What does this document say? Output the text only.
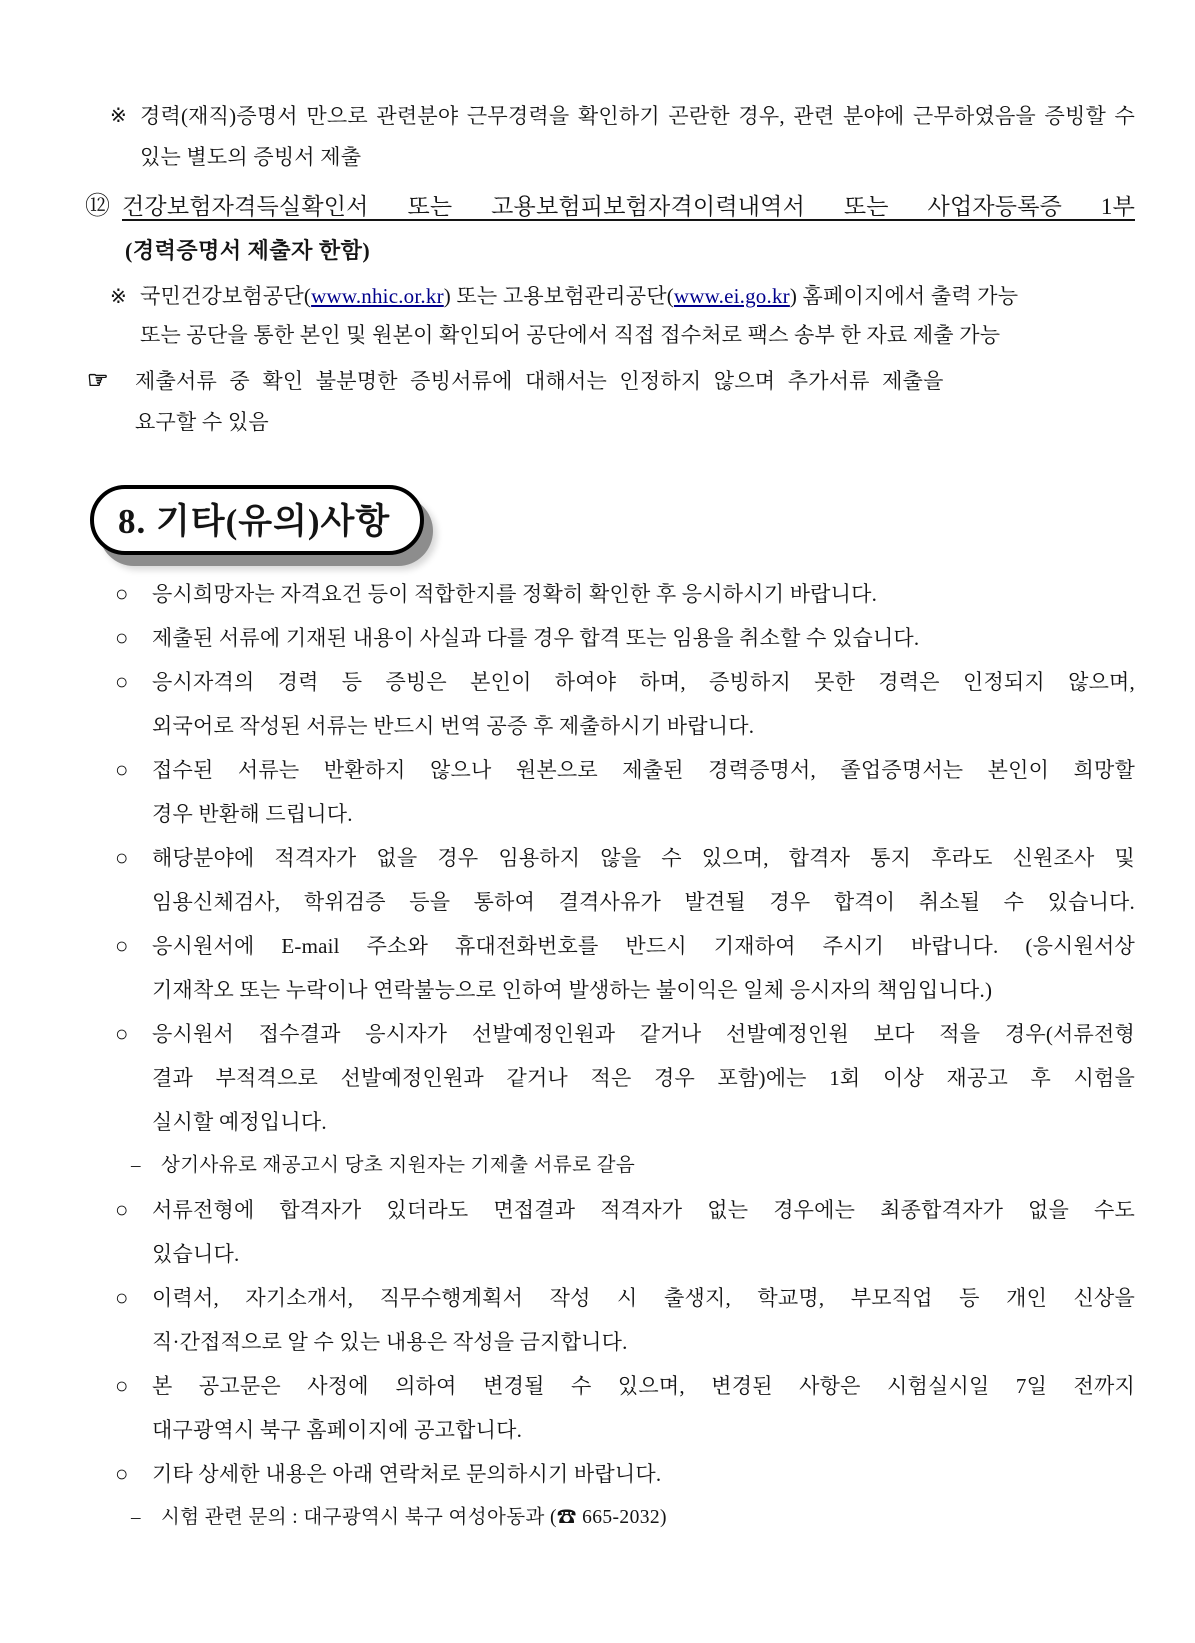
※ 경력(재직)증명서 만으로 관련분야 근무경력을 확인하기 곤란한 경우, 관련 분야에 근무하였음을 증빙할 수
있는 별도의 증빙서 제출
⑫ 건강보험자격득실확인서 또는 고용보험피보험자격이력내역서 또는 사업자등록증 1부
(경력증명서 제출자 한함)
※ 국민건강보험공단(www.nhic.or.kr) 또는 고용보험관리공단(www.ei.go.kr) 홈페이지에서 출력 가능
또는 공단을 통한 본인 및 원본이 확인되어 공단에서 직접 접수처로 팩스 송부 한 자료 제출 가능
☞	제출서류 중 확인 불분명한 증빙서류에 대해서는 인정하지 않으며 추가서류 제출을
요구할 수 있음
8. 기타(유의)사항
○	응시희망자는 자격요건 등이 적합한지를 정확히 확인한 후 응시하시기 바랍니다.
○	제출된 서류에 기재된 내용이 사실과 다를 경우 합격 또는 임용을 취소할 수 있습니다.
○	응시자격의 경력 등 증빙은 본인이 하여야 하며, 증빙하지 못한 경력은 인정되지 않으며,
외국어로 작성된 서류는 반드시 번역 공증 후 제출하시기 바랍니다.
○	접수된 서류는 반환하지 않으나 원본으로 제출된 경력증명서, 졸업증명서는 본인이 희망할
경우 반환해 드립니다.
○	해당분야에 적격자가 없을 경우 임용하지 않을 수 있으며, 합격자 통지 후라도 신원조사 및
임용신체검사, 학위검증 등을 통하여 결격사유가 발견될 경우 합격이 취소될 수 있습니다.
○	응시원서에 E-mail 주소와 휴대전화번호를 반드시 기재하여 주시기 바랍니다. (응시원서상
기재착오 또는 누락이나 연락불능으로 인하여 발생하는 불이익은 일체 응시자의 책임입니다.)
○	응시원서 접수결과 응시자가 선발예정인원과 같거나 선발예정인원 보다 적을 경우(서류전형
결과 부적격으로 선발예정인원과 같거나 적은 경우 포함)에는 1회 이상 재공고 후 시험을
실시할 예정입니다.
–	상기사유로 재공고시 당초 지원자는 기제출 서류로 갈음
○	서류전형에 합격자가 있더라도 면접결과 적격자가 없는 경우에는 최종합격자가 없을 수도
있습니다.
○	이력서, 자기소개서, 직무수행계획서 작성 시 출생지, 학교명, 부모직업 등 개인 신상을
직·간접적으로 알 수 있는 내용은 작성을 금지합니다.
○	본 공고문은 사정에 의하여 변경될 수 있으며, 변경된 사항은 시험실시일 7일 전까지
대구광역시 북구 홈페이지에 공고합니다.
○	기타 상세한 내용은 아래 연락처로 문의하시기 바랍니다.
–	시험 관련 문의 : 대구광역시 북구 여성아동과 (☎ 665-2032)
